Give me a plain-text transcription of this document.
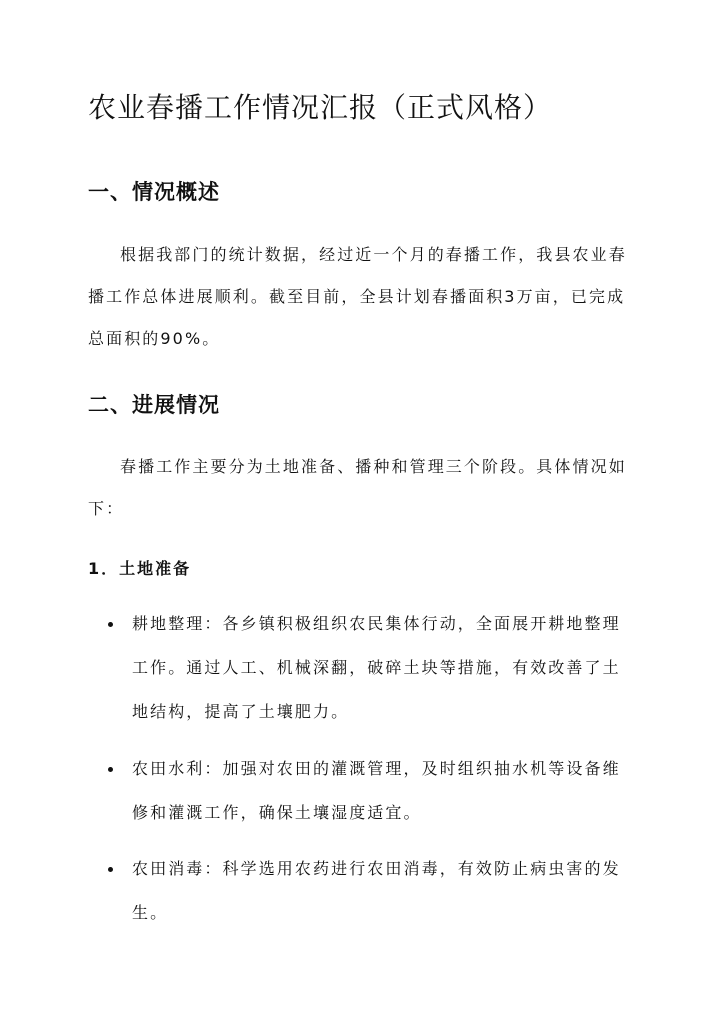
农业春播工作情况汇报（正式风格）
一、情况概述

根据我部门的统计数据，经过近一个月的春播工作，我县农业春播工作总体进展顺利。截至目前，全县计划春播面积3万亩，已完成总面积的90%。

二、进展情况

春播工作主要分为土地准备、播种和管理三个阶段。具体情况如下：

1．土地准备

耕地整理：各乡镇积极组织农民集体行动，全面展开耕地整理工作。通过人工、机械深翻，破碎土块等措施，有效改善了土地结构，提高了土壤肥力。

农田水利：加强对农田的灌溉管理，及时组织抽水机等设备维修和灌溉工作，确保土壤湿度适宜。

农田消毒：科学选用农药进行农田消毒，有效防止病虫害的发生。
